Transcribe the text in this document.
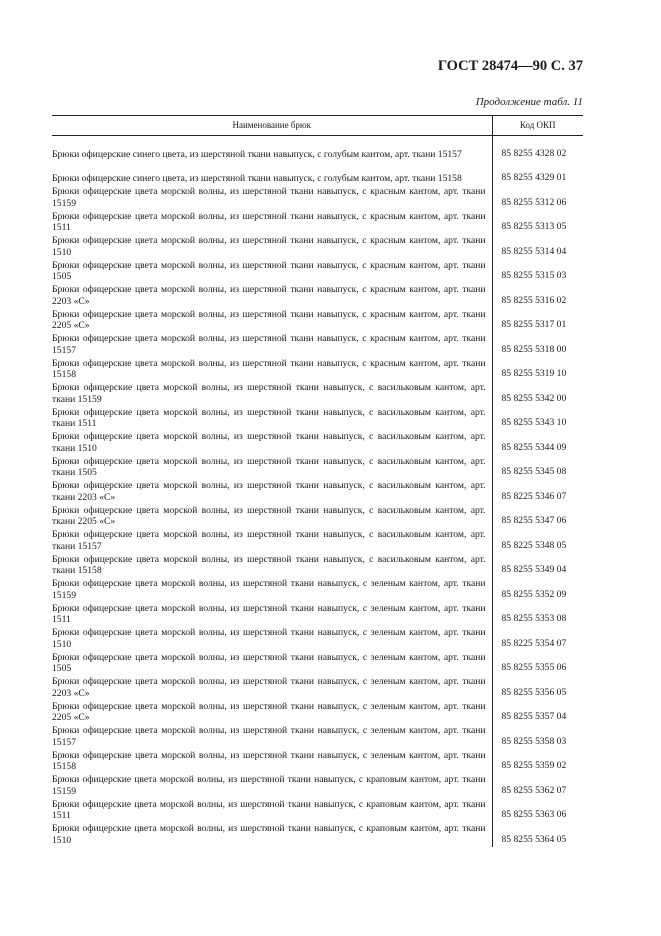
ГОСТ 28474—90 С. 37
Продолжение табл. 11
Наименование брюк	Код ОКП
Брюки офицерские синего цвета, из шерстяной ткани навыпуск, с голубым кантом, арт. ткани 15157	85 8255 4328 02
Брюки офицерские синего цвета, из шерстяной ткани навыпуск, с голубым кантом, арт. ткани 15158	85 8255 4329 01
Брюки офицерские цвета морской волны, из шерстяной ткани навыпуск, с красным кантом, арт. ткани 15159	85 8255 5312 06
Брюки офицерские цвета морской волны, из шерстяной ткани навыпуск, с красным кантом, арт. ткани 1511	85 8255 5313 05
Брюки офицерские цвета морской волны, из шерстяной ткани навыпуск, с красным кантом, арт. ткани 1510	85 8255 5314 04
Брюки офицерские цвета морской волны, из шерстяной ткани навыпуск, с красным кантом, арт. ткани 1505	85 8255 5315 03
Брюки офицерские цвета морской волны, из шерстяной ткани навыпуск, с красным кантом, арт. ткани 2203 «С»	85 8255 5316 02
Брюки офицерские цвета морской волны, из шерстяной ткани навыпуск, с красным кантом, арт. ткани 2205 «С»	85 8255 5317 01
Брюки офицерские цвета морской волны, из шерстяной ткани навыпуск, с красным кантом, арт. ткани 15157	85 8255 5318 00
Брюки офицерские цвета морской волны, из шерстяной ткани навыпуск, с красным кантом, арт. ткани 15158	85 8255 5319 10
Брюки офицерские цвета морской волны, из шерстяной ткани навыпуск, с васильковым кантом, арт. ткани 15159	85 8255 5342 00
Брюки офицерские цвета морской волны, из шерстяной ткани навыпуск, с васильковым кантом, арт. ткани 1511	85 8255 5343 10
Брюки офицерские цвета морской волны, из шерстяной ткани навыпуск, с васильковым кантом, арт. ткани 1510	85 8255 5344 09
Брюки офицерские цвета морской волны, из шерстяной ткани навыпуск, с васильковым кантом, арт. ткани 1505	85 8255 5345 08
Брюки офицерские цвета морской волны, из шерстяной ткани навыпуск, с васильковым кантом, арт. ткани 2203 «С»	85 8225 5346 07
Брюки офицерские цвета морской волны, из шерстяной ткани навыпуск, с васильковым кантом, арт. ткани 2205 «С»	85 8255 5347 06
Брюки офицерские цвета морской волны, из шерстяной ткани навыпуск, с васильковым кантом, арт. ткани 15157	85 8225 5348 05
Брюки офицерские цвета морской волны, из шерстяной ткани навыпуск, с васильковым кантом, арт. ткани 15158	85 8255 5349 04
Брюки офицерские цвета морской волны, из шерстяной ткани навыпуск, с зеленым кантом, арт. ткани 15159	85 8255 5352 09
Брюки офицерские цвета морской волны, из шерстяной ткани навыпуск, с зеленым кантом, арт. ткани 1511	85 8255 5353 08
Брюки офицерские цвета морской волны, из шерстяной ткани навыпуск, с зеленым кантом, арт. ткани 1510	85 8225 5354 07
Брюки офицерские цвета морской волны, из шерстяной ткани навыпуск, с зеленым кантом, арт. ткани 1505	85 8255 5355 06
Брюки офицерские цвета морской волны, из шерстяной ткани навыпуск, с зеленым кантом, арт. ткани 2203 «С»	85 8255 5356 05
Брюки офицерские цвета морской волны, из шерстяной ткани навыпуск, с зеленым кантом, арт. ткани 2205 «С»	85 8255 5357 04
Брюки офицерские цвета морской волны, из шерстяной ткани навыпуск, с зеленым кантом, арт. ткани 15157	85 8255 5358 03
Брюки офицерские цвета морской волны, из шерстяной ткани навыпуск, с зеленым кантом, арт. ткани 15158	85 8255 5359 02
Брюки офицерские цвета морской волны, из шерстяной ткани навыпуск, с краповым кантом, арт. ткани 15159	85 8255 5362 07
Брюки офицерские цвета морской волны, из шерстяной ткани навыпуск, с краповым кантом, арт. ткани 1511	85 8255 5363 06
Брюки офицерские цвета морской волны, из шерстяной ткани навыпуск, с краповым кантом, арт. ткани 1510	85 8255 5364 05
